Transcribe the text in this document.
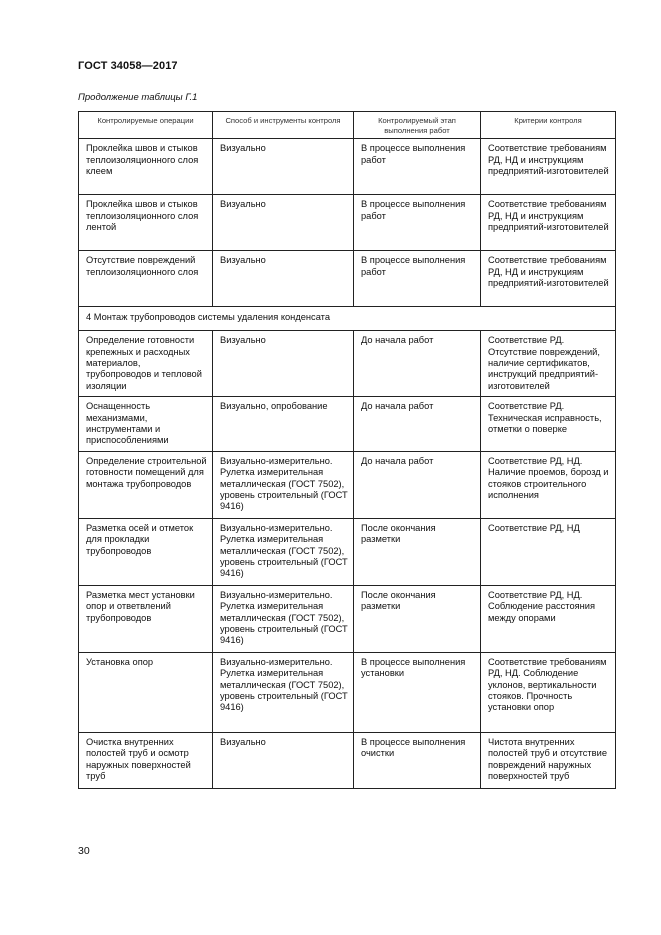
ГОСТ 34058—2017
Продолжение таблицы Г.1
Контролируемые операции	Способ и инструменты контроля	Контролируемый этап выполнения работ	Критерии контроля
Проклейка швов и стыков теплоизоляционного слоя клеем	Визуально	В процессе выполнения работ	Соответствие требованиям РД, НД и инструкциям предприятий-изготовителей
Проклейка швов и стыков теплоизоляционного слоя лентой	Визуально	В процессе выполнения работ	Соответствие требованиям РД, НД и инструкциям предприятий-изготовителей
Отсутствие повреждений теплоизоляционного слоя	Визуально	В процессе выполнения работ	Соответствие требованиям РД, НД и инструкциям предприятий-изготовителей
4 Монтаж трубопроводов системы удаления конденсата			
Определение готовности крепежных и расходных материалов, трубопроводов и тепловой изоляции	Визуально	До начала работ	Соответствие РД. Отсутствие повреждений, наличие сертификатов, инструкций предприятий-изготовителей
Оснащенность механизмами, инструментами и приспособлениями	Визуально, опробование	До начала работ	Соответствие РД. Техническая исправность, отметки о поверке
Определение строительной готовности помещений для монтажа трубопроводов	Визуально-измерительно. Рулетка измерительная металлическая (ГОСТ 7502), уровень строительный (ГОСТ 9416)	До начала работ	Соответствие РД, НД. Наличие проемов, борозд и стояков строительного исполнения
Разметка осей и отметок для прокладки трубопроводов	Визуально-измерительно. Рулетка измерительная металлическая (ГОСТ 7502), уровень строительный (ГОСТ 9416)	После окончания разметки	Соответствие РД, НД
Разметка мест установки опор и ответвлений трубопроводов	Визуально-измерительно. Рулетка измерительная металлическая (ГОСТ 7502), уровень строительный (ГОСТ 9416)	После окончания разметки	Соответствие РД, НД. Соблюдение расстояния между опорами
Установка опор	Визуально-измерительно. Рулетка измерительная металлическая (ГОСТ 7502), уровень строительный (ГОСТ 9416)	В процессе выполнения установки	Соответствие требованиям РД, НД. Соблюдение уклонов, вертикальности стояков. Прочность установки опор
Очистка внутренних полостей труб и осмотр наружных поверхностей труб	Визуально	В процессе выполнения очистки	Чистота внутренних полостей труб и отсутствие повреждений наружных поверхностей труб
30
